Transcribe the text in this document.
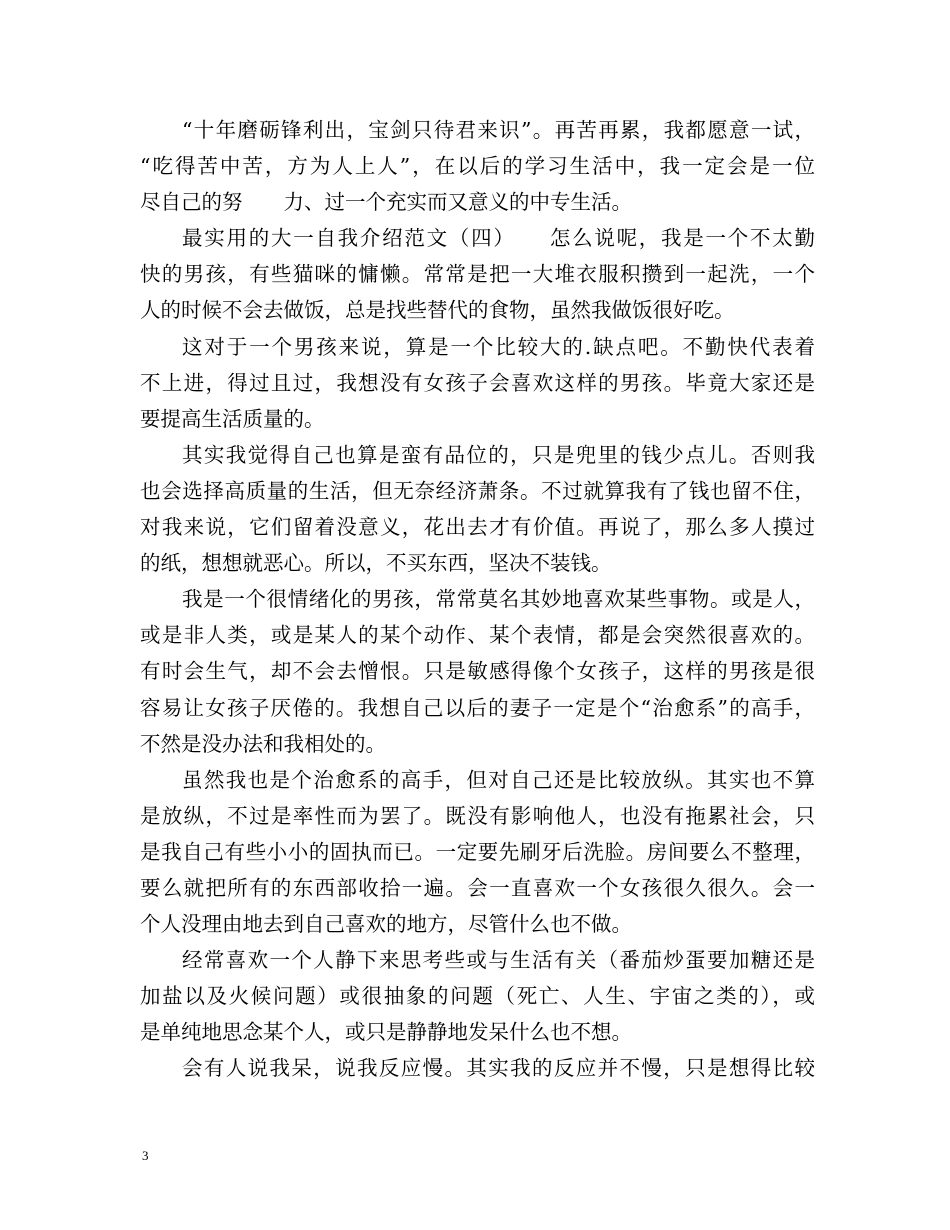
“十年磨砺锋利出，宝剑只待君来识”。再苦再累，我都愿意一试，
“吃得苦中苦，方为人上人”，在以后的学习生活中，我一定会是一位
尽自己的努　　力、过一个充实而又意义的中专生活。
最实用的大一自我介绍范文（四）　　怎么说呢，我是一个不太勤
快的男孩，有些猫咪的慵懒。常常是把一大堆衣服积攒到一起洗，一个
人的时候不会去做饭，总是找些替代的食物，虽然我做饭很好吃。
这对于一个男孩来说，算是一个比较大的.缺点吧。不勤快代表着
不上进，得过且过，我想没有女孩子会喜欢这样的男孩。毕竟大家还是
要提高生活质量的。
其实我觉得自己也算是蛮有品位的，只是兜里的钱少点儿。否则我
也会选择高质量的生活，但无奈经济萧条。不过就算我有了钱也留不住，
对我来说，它们留着没意义，花出去才有价值。再说了，那么多人摸过
的纸，想想就恶心。所以，不买东西，坚决不装钱。
我是一个很情绪化的男孩，常常莫名其妙地喜欢某些事物。或是人，
或是非人类，或是某人的某个动作、某个表情，都是会突然很喜欢的。
有时会生气，却不会去憎恨。只是敏感得像个女孩子，这样的男孩是很
容易让女孩子厌倦的。我想自己以后的妻子一定是个“治愈系”的高手，
不然是没办法和我相处的。
虽然我也是个治愈系的高手，但对自己还是比较放纵。其实也不算
是放纵，不过是率性而为罢了。既没有影响他人，也没有拖累社会，只
是我自己有些小小的固执而已。一定要先刷牙后洗脸。房间要么不整理，
要么就把所有的东西部收拾一遍。会一直喜欢一个女孩很久很久。会一
个人没理由地去到自己喜欢的地方，尽管什么也不做。
经常喜欢一个人静下来思考些或与生活有关（番茄炒蛋要加糖还是
加盐以及火候问题）或很抽象的问题（死亡、人生、宇宙之类的），或
是单纯地思念某个人，或只是静静地发呆什么也不想。
会有人说我呆，说我反应慢。其实我的反应并不慢，只是想得比较
3
